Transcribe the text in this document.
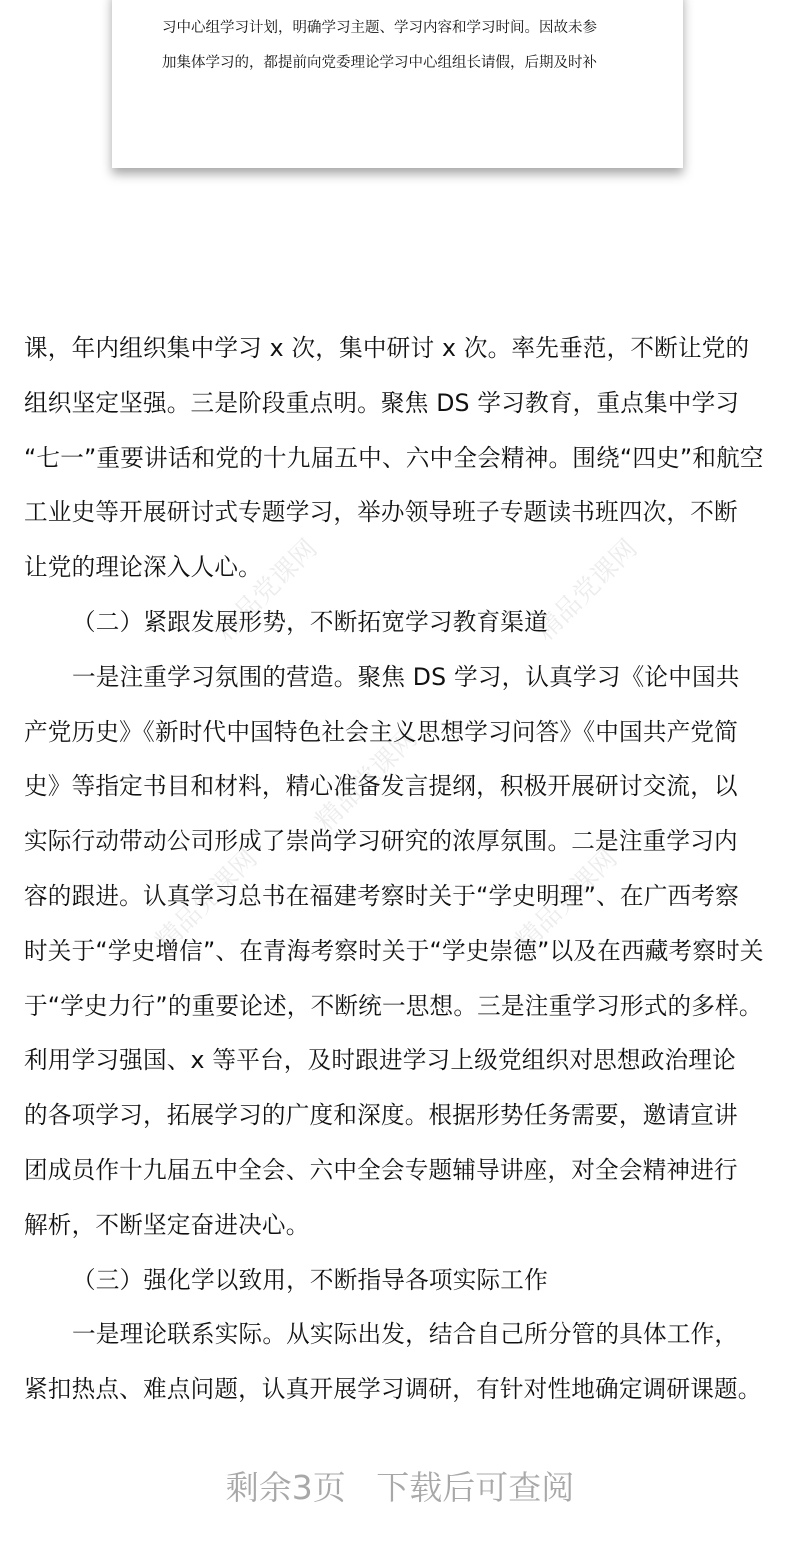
习中心组学习计划，明确学习主题、学习内容和学习时间。因故未参
加集体学习的，都提前向党委理论学习中心组组长请假，后期及时补
精品党课网	精品党课网
精品党课网
精品党课网	精品党课网
课，年内组织集中学习 x 次，集中研讨 x 次。率先垂范，不断让党的
组织坚定坚强。三是阶段重点明。聚焦 DS 学习教育，重点集中学习
“七一”重要讲话和党的十九届五中、六中全会精神。围绕“四史”和航空
工业史等开展研讨式专题学习，举办领导班子专题读书班四次，不断
让党的理论深入人心。
（二）紧跟发展形势，不断拓宽学习教育渠道
一是注重学习氛围的营造。聚焦 DS 学习，认真学习《论中国共
产党历史》《新时代中国特色社会主义思想学习问答》《中国共产党简
史》等指定书目和材料，精心准备发言提纲，积极开展研讨交流，以
实际行动带动公司形成了崇尚学习研究的浓厚氛围。二是注重学习内
容的跟进。认真学习总书在福建考察时关于“学史明理”、在广西考察
时关于“学史增信”、在青海考察时关于“学史崇德”以及在西藏考察时关
于“学史力行”的重要论述，不断统一思想。三是注重学习形式的多样。
利用学习强国、x 等平台，及时跟进学习上级党组织对思想政治理论
的各项学习，拓展学习的广度和深度。根据形势任务需要，邀请宣讲
团成员作十九届五中全会、六中全会专题辅导讲座，对全会精神进行
解析，不断坚定奋进决心。
（三）强化学以致用，不断指导各项实际工作
一是理论联系实际。从实际出发，结合自己所分管的具体工作，
紧扣热点、难点问题，认真开展学习调研，有针对性地确定调研课题。
剩余3页 下载后可查阅
